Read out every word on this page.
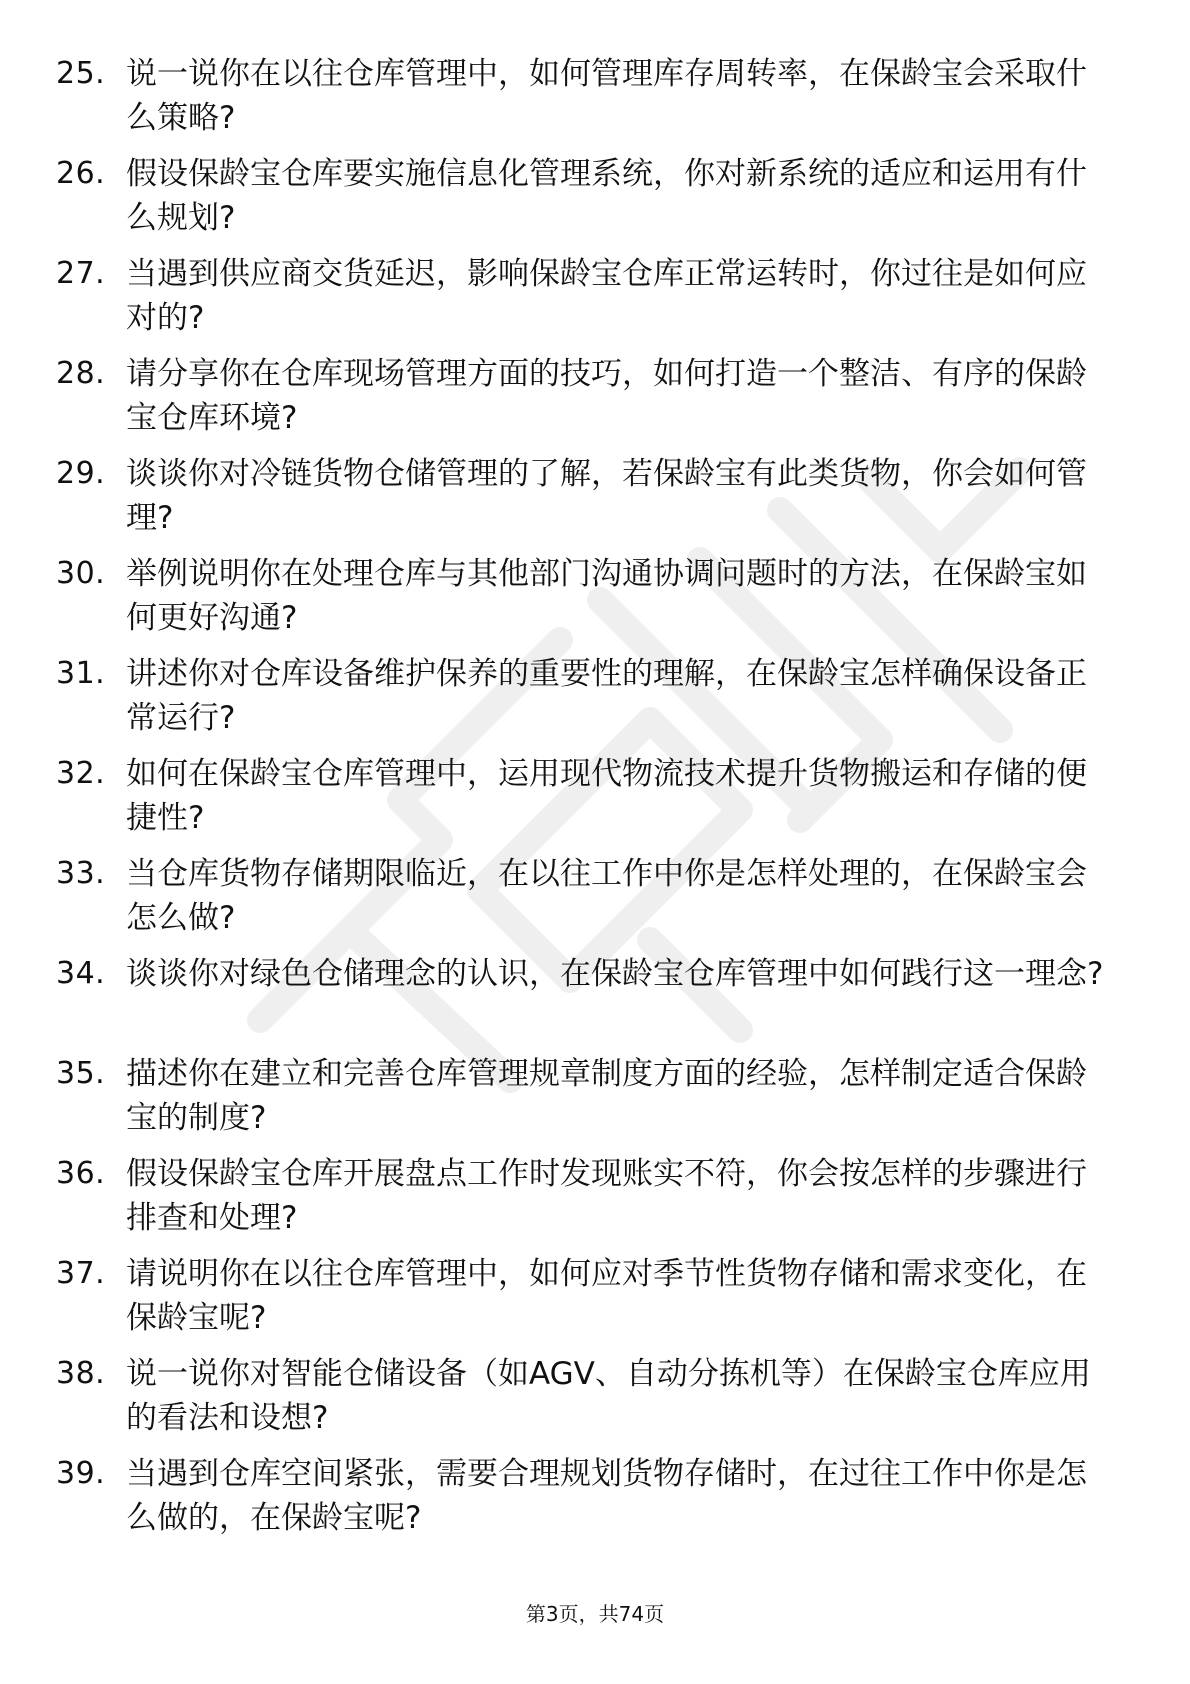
25. 说一说你在以往仓库管理中，如何管理库存周转率，在保龄宝会采取什么策略?
26. 假设保龄宝仓库要实施信息化管理系统，你对新系统的适应和运用有什么规划?
27. 当遇到供应商交货延迟，影响保龄宝仓库正常运转时，你过往是如何应对的?
28. 请分享你在仓库现场管理方面的技巧，如何打造一个整洁、有序的保龄宝仓库环境?
29. 谈谈你对冷链货物仓储管理的了解，若保龄宝有此类货物，你会如何管理?
30. 举例说明你在处理仓库与其他部门沟通协调问题时的方法，在保龄宝如何更好沟通?
31. 讲述你对仓库设备维护保养的重要性的理解，在保龄宝怎样确保设备正常运行?
32. 如何在保龄宝仓库管理中，运用现代物流技术提升货物搬运和存储的便捷性?
33. 当仓库货物存储期限临近，在以往工作中你是怎样处理的，在保龄宝会怎么做?
34. 谈谈你对绿色仓储理念的认识，在保龄宝仓库管理中如何践行这一理念?
35. 描述你在建立和完善仓库管理规章制度方面的经验，怎样制定适合保龄宝的制度?
36. 假设保龄宝仓库开展盘点工作时发现账实不符，你会按怎样的步骤进行排查和处理?
37. 请说明你在以往仓库管理中，如何应对季节性货物存储和需求变化，在保龄宝呢?
38. 说一说你对智能仓储设备（如AGV、自动分拣机等）在保龄宝仓库应用的看法和设想?
39. 当遇到仓库空间紧张，需要合理规划货物存储时，在过往工作中你是怎么做的，在保龄宝呢?
第3页，共74页
